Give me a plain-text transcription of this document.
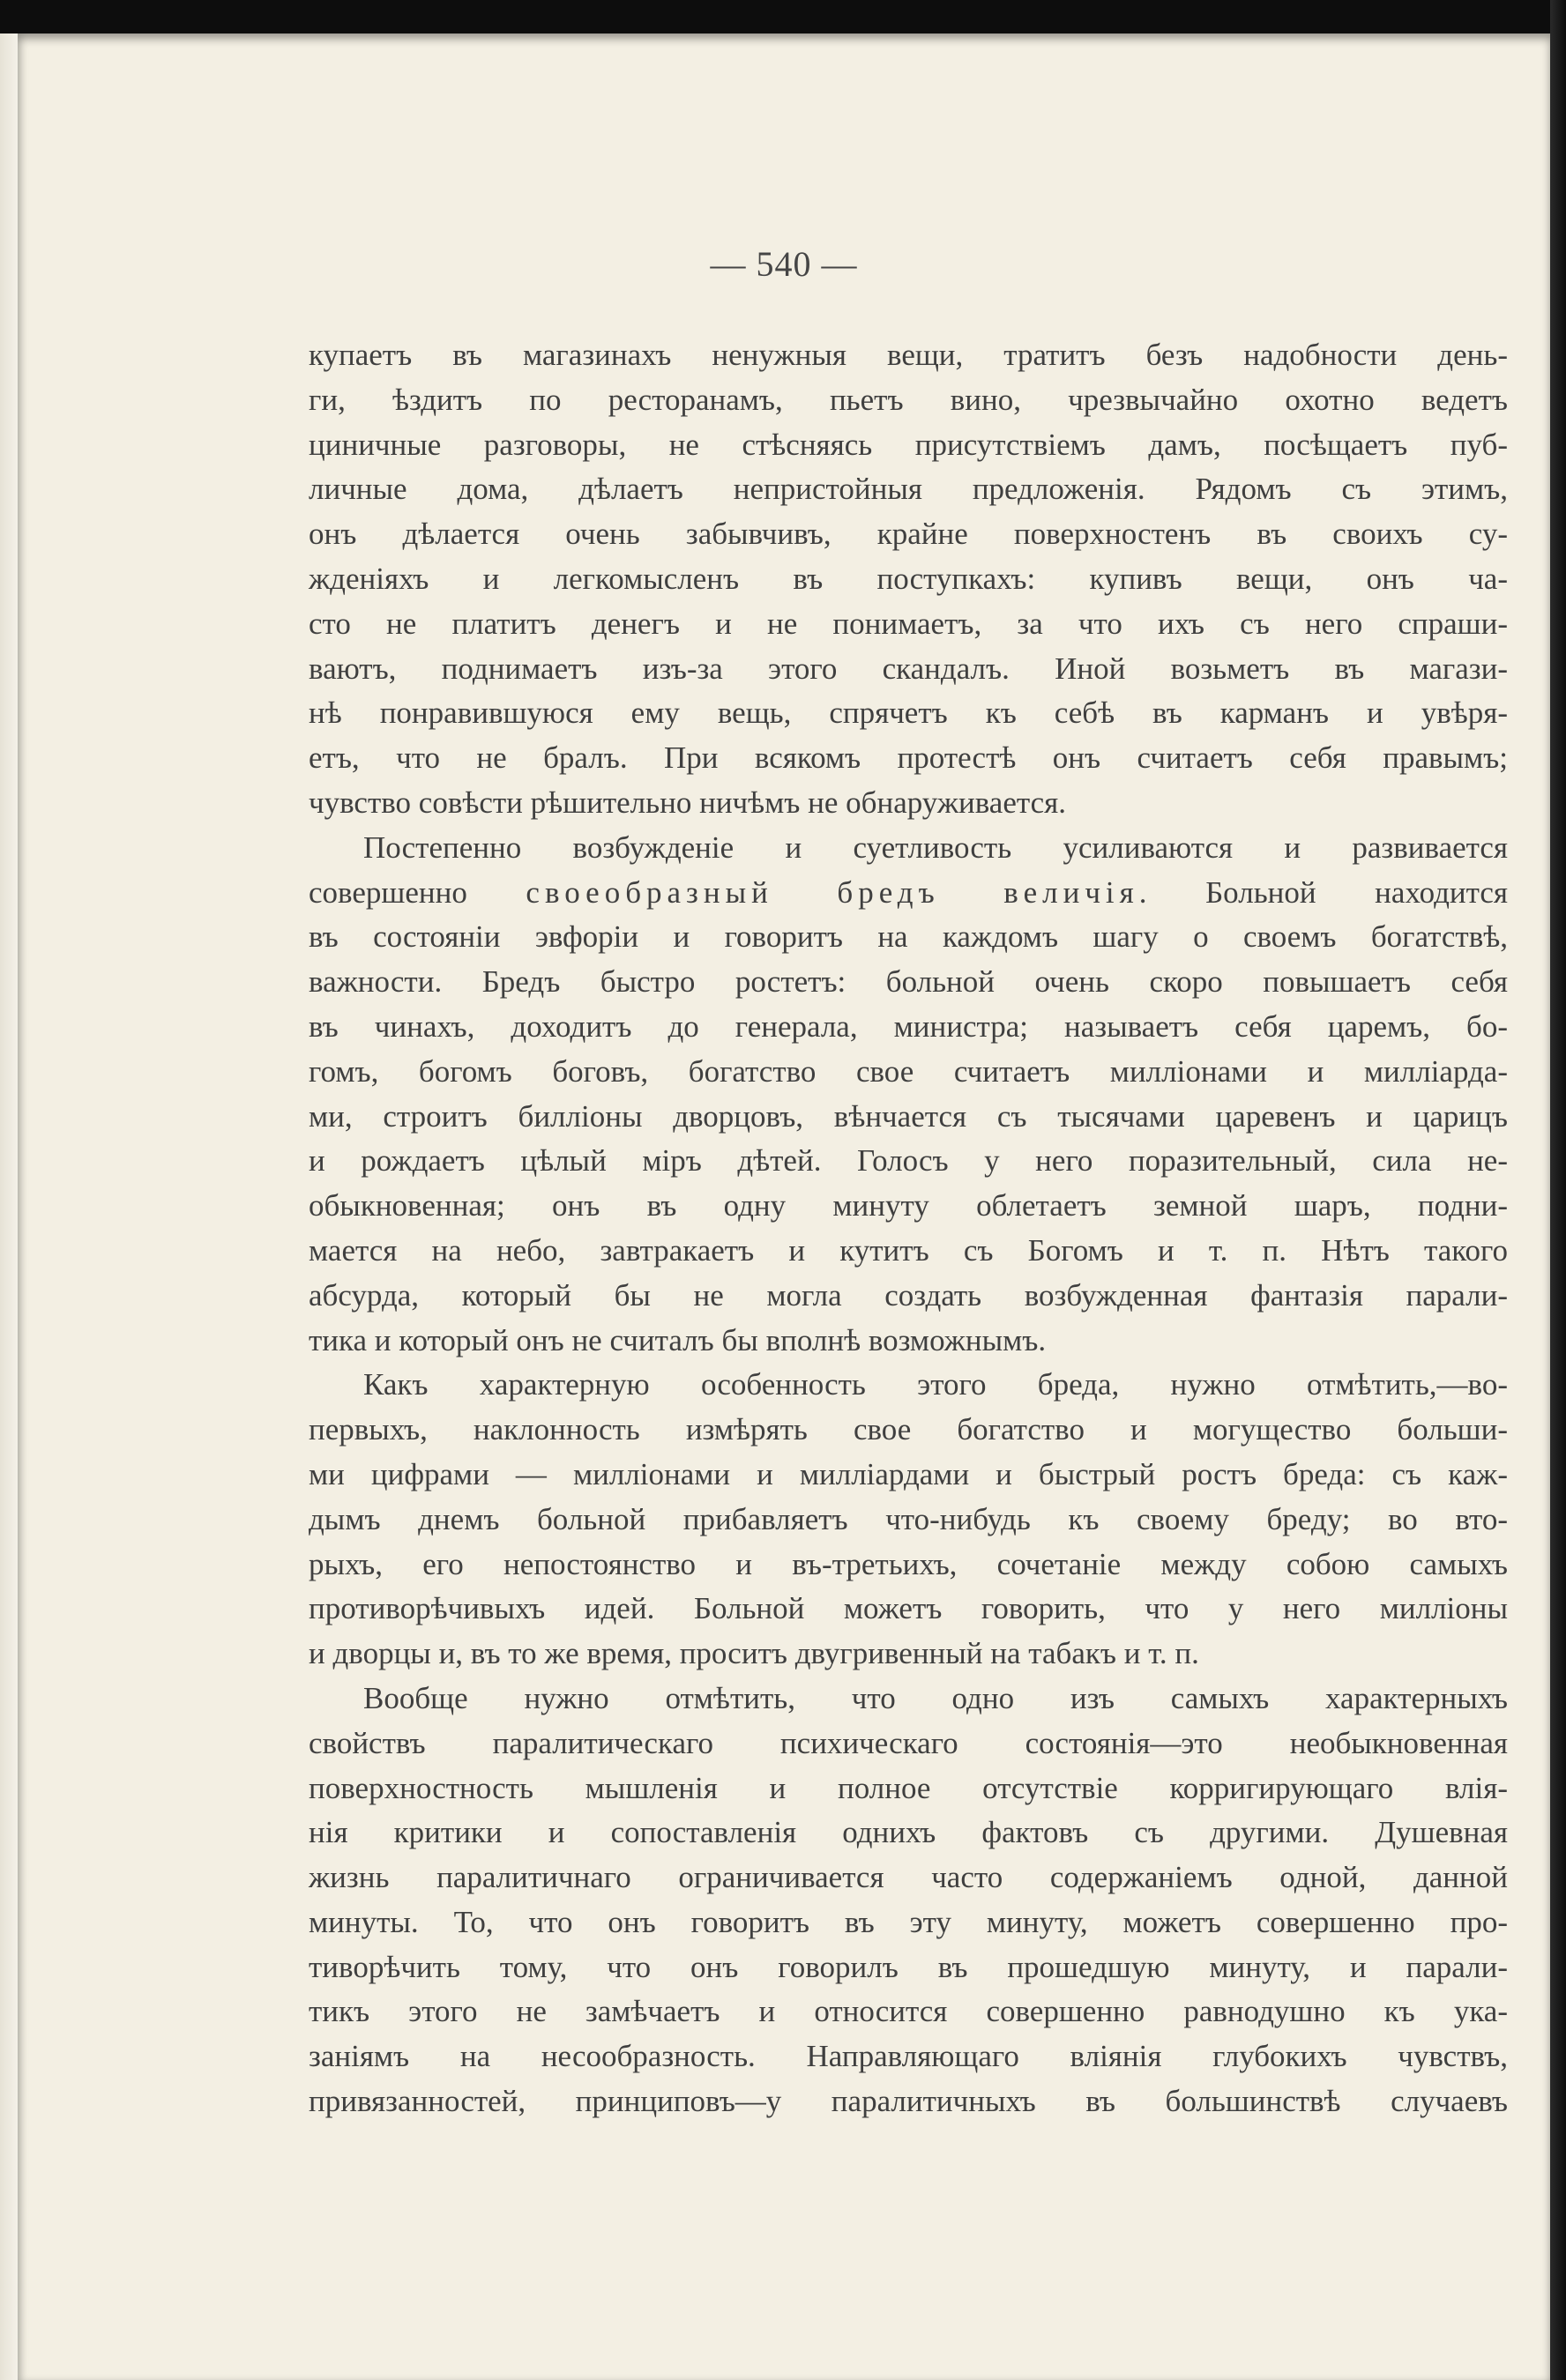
— 540 —
купаетъ въ магазинахъ ненужныя вещи, тратитъ безъ надобности день-
ги, ѣздитъ по ресторанамъ, пьетъ вино, чрезвычайно охотно ведетъ
циничные разговоры, не стѣсняясь присутствіемъ дамъ, посѣщаетъ пуб-
личные дома, дѣлаетъ непристойныя предложенія. Рядомъ съ этимъ,
онъ дѣлается очень забывчивъ, крайне поверхностенъ въ своихъ су-
жденіяхъ и легкомысленъ въ поступкахъ: купивъ вещи, онъ ча-
сто не платитъ денегъ и не понимаетъ, за что ихъ съ него спраши-
ваютъ, поднимаетъ изъ-за этого скандалъ. Иной возьметъ въ магази-
нѣ понравившуюся ему вещь, спрячетъ къ себѣ въ карманъ и увѣря-
етъ, что не бралъ. При всякомъ протестѣ онъ считаетъ себя правымъ;
чувство совѣсти рѣшительно ничѣмъ не обнаруживается.
Постепенно возбужденіе и суетливость усиливаются и развивается
совершенно своеобразный бредъ величія. Больной находится
въ состояніи эвфоріи и говоритъ на каждомъ шагу о своемъ богатствѣ,
важности. Бредъ быстро ростетъ: больной очень скоро повышаетъ себя
въ чинахъ, доходитъ до генерала, министра; называетъ себя царемъ, бо-
гомъ, богомъ боговъ, богатство свое считаетъ милліонами и милліарда-
ми, строитъ билліоны дворцовъ, вѣнчается съ тысячами царевенъ и царицъ
и рождаетъ цѣлый міръ дѣтей. Голосъ у него поразительный, сила не-
обыкновенная; онъ въ одну минуту облетаетъ земной шаръ, подни-
мается на небо, завтракаетъ и кутитъ съ Богомъ и т. п. Нѣтъ такого
абсурда, который бы не могла создать возбужденная фантазія парали-
тика и который онъ не считалъ бы вполнѣ возможнымъ.
Какъ характерную особенность этого бреда, нужно отмѣтить,—во-
первыхъ, наклонность измѣрять свое богатство и могущество больши-
ми цифрами — милліонами и милліардами и быстрый ростъ бреда: съ каж-
дымъ днемъ больной прибавляетъ что-нибудь къ своему бреду; во вто-
рыхъ, его непостоянство и въ-третьихъ, сочетаніе между собою самыхъ
противорѣчивыхъ идей. Больной можетъ говорить, что у него милліоны
и дворцы и, въ то же время, проситъ двугривенный на табакъ и т. п.
Вообще нужно отмѣтить, что одно изъ самыхъ характерныхъ
свойствъ паралитическаго психическаго состоянія—это необыкновенная
поверхностность мышленія и полное отсутствіе корригирующаго влія-
нія критики и сопоставленія однихъ фактовъ съ другими. Душевная
жизнь паралитичнаго ограничивается часто содержаніемъ одной, данной
минуты. То, что онъ говоритъ въ эту минуту, можетъ совершенно про-
тиворѣчить тому, что онъ говорилъ въ прошедшую минуту, и парали-
тикъ этого не замѣчаетъ и относится совершенно равнодушно къ ука-
заніямъ на несообразность. Направляющаго вліянія глубокихъ чувствъ,
привязанностей, принциповъ—у паралитичныхъ въ большинствѣ случаевъ
